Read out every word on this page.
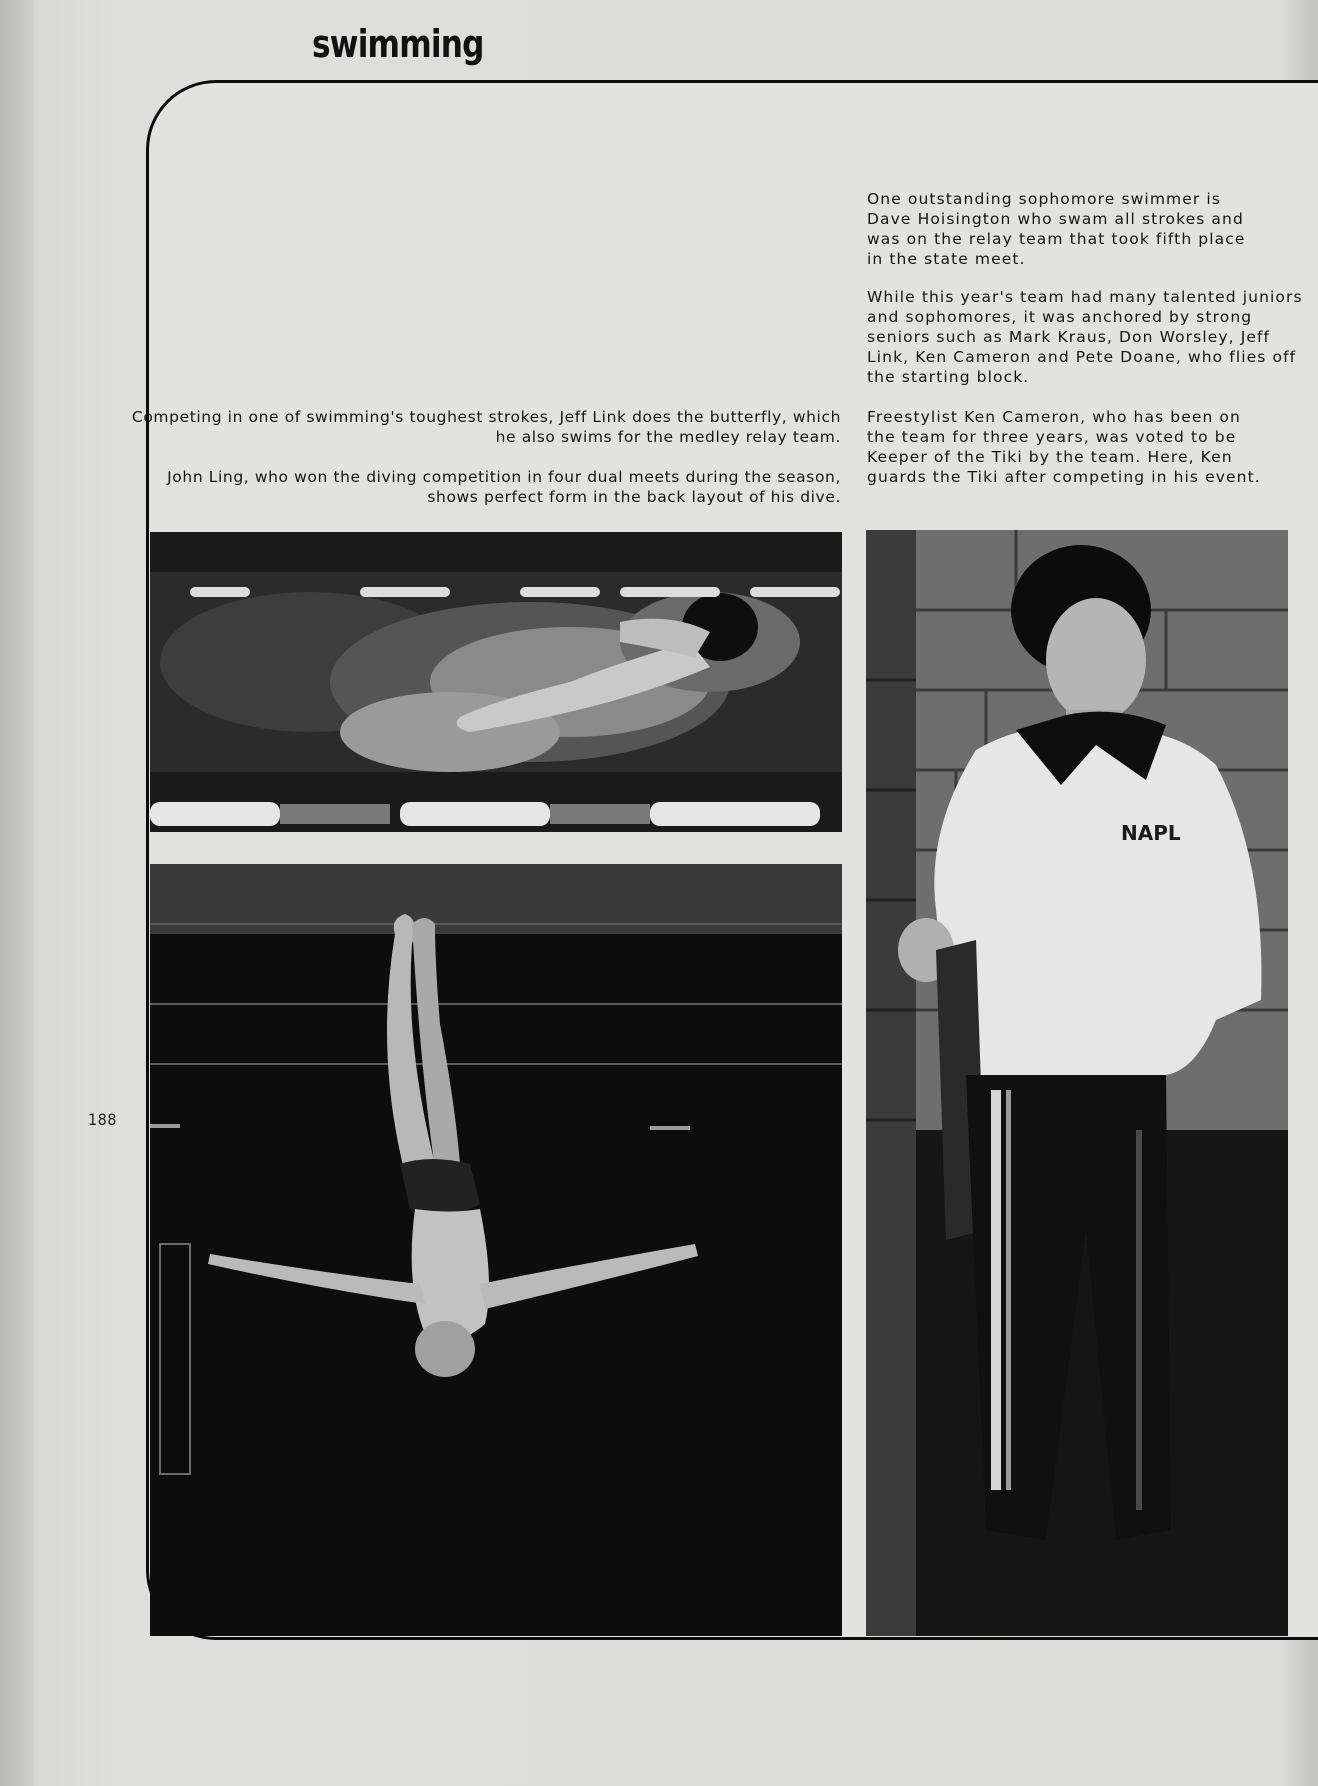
swimming

Competing in one of swimming's toughest strokes, Jeff Link does the butterfly, which he also swims for the medley relay team.

John Ling, who won the diving competition in four dual meets during the season, shows perfect form in the back layout of his dive.

One outstanding sophomore swimmer is Dave Hoisington who swam all strokes and was on the relay team that took fifth place in the state meet.

While this year's team had many talented juniors and sophomores, it was anchored by strong seniors such as Mark Kraus, Don Worsley, Jeff Link, Ken Cameron and Pete Doane, who flies off the starting block.

Freestylist Ken Cameron, who has been on the team for three years, was voted to be Keeper of the Tiki by the team. Here, Ken guards the Tiki after competing in his event.

NAPL

188
